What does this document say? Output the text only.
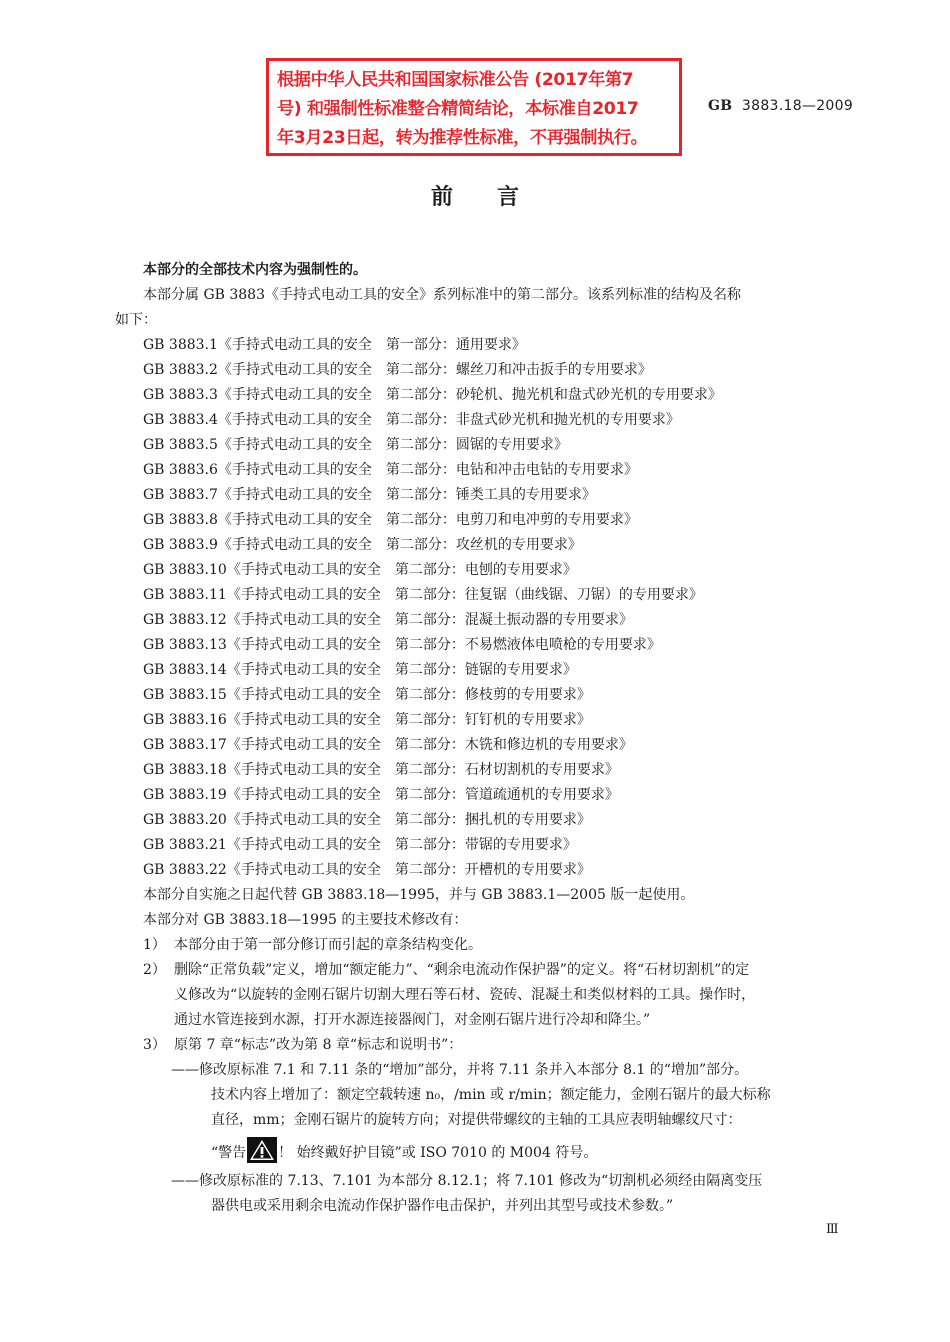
根据中华人民共和国国家标准公告 (2017年第7
号) 和强制性标准整合精简结论，本标准自2017
年3月23日起，转为推荐性标准，不再强制执行。
GB 3883.18—2009
前言
本部分的全部技术内容为强制性的。
本部分属 GB 3883《手持式电动工具的安全》系列标准中的第二部分。该系列标准的结构及名称
如下：
GB 3883.1《手持式电动工具的安全 第一部分：通用要求》
GB 3883.2《手持式电动工具的安全 第二部分：螺丝刀和冲击扳手的专用要求》
GB 3883.3《手持式电动工具的安全 第二部分：砂轮机、抛光机和盘式砂光机的专用要求》
GB 3883.4《手持式电动工具的安全 第二部分：非盘式砂光机和抛光机的专用要求》
GB 3883.5《手持式电动工具的安全 第二部分：圆锯的专用要求》
GB 3883.6《手持式电动工具的安全 第二部分：电钻和冲击电钻的专用要求》
GB 3883.7《手持式电动工具的安全 第二部分：锤类工具的专用要求》
GB 3883.8《手持式电动工具的安全 第二部分：电剪刀和电冲剪的专用要求》
GB 3883.9《手持式电动工具的安全 第二部分：攻丝机的专用要求》
GB 3883.10《手持式电动工具的安全 第二部分：电刨的专用要求》
GB 3883.11《手持式电动工具的安全 第二部分：往复锯（曲线锯、刀锯）的专用要求》
GB 3883.12《手持式电动工具的安全 第二部分：混凝土振动器的专用要求》
GB 3883.13《手持式电动工具的安全 第二部分：不易燃液体电喷枪的专用要求》
GB 3883.14《手持式电动工具的安全 第二部分：链锯的专用要求》
GB 3883.15《手持式电动工具的安全 第二部分：修枝剪的专用要求》
GB 3883.16《手持式电动工具的安全 第二部分：钉钉机的专用要求》
GB 3883.17《手持式电动工具的安全 第二部分：木铣和修边机的专用要求》
GB 3883.18《手持式电动工具的安全 第二部分：石材切割机的专用要求》
GB 3883.19《手持式电动工具的安全 第二部分：管道疏通机的专用要求》
GB 3883.20《手持式电动工具的安全 第二部分：捆扎机的专用要求》
GB 3883.21《手持式电动工具的安全 第二部分：带锯的专用要求》
GB 3883.22《手持式电动工具的安全 第二部分：开槽机的专用要求》
本部分自实施之日起代替 GB 3883.18—1995，并与 GB 3883.1—2005 版一起使用。
本部分对 GB 3883.18—1995 的主要技术修改有：
1） 本部分由于第一部分修订而引起的章条结构变化。
2） 删除“正常负载”定义，增加“额定能力”、“剩余电流动作保护器”的定义。将“石材切割机”的定
义修改为“以旋转的金刚石锯片切割大理石等石材、瓷砖、混凝土和类似材料的工具。操作时，
通过水管连接到水源，打开水源连接器阀门，对金刚石锯片进行冷却和降尘。”
3） 原第 7 章“标志”改为第 8 章“标志和说明书”：
——修改原标准 7.1 和 7.11 条的“增加”部分，并将 7.11 条并入本部分 8.1 的“增加”部分。
技术内容上增加了：额定空载转速 n₀，/min 或 r/min；额定能力，金刚石锯片的最大标称
直径，mm；金刚石锯片的旋转方向；对提供带螺纹的主轴的工具应表明轴螺纹尺寸：
“警告 ！ 始终戴好护目镜”或 ISO 7010 的 M004 符号。
——修改原标准的 7.13、7.101 为本部分 8.12.1；将 7.101 修改为“切割机必须经由隔离变压
器供电或采用剩余电流动作保护器作电击保护，并列出其型号或技术参数。”
Ⅲ
